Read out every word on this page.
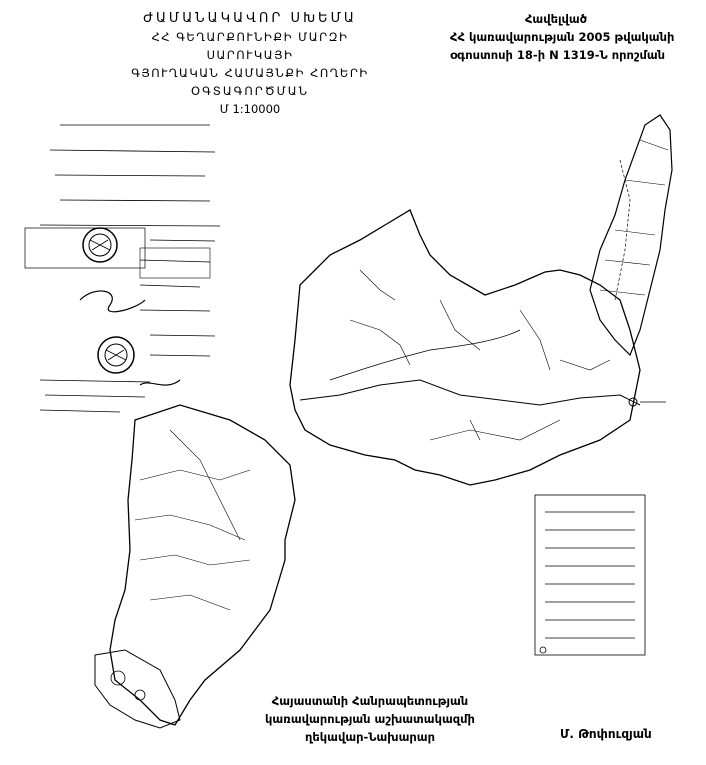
ԺԱՄԱՆԱԿԱՎՈՐ ՍԽԵՄԱ
ՀՀ ԳԵՂԱՐՔՈՒՆԻՔԻ ՄԱՐԶԻ ՍԱՐՈՒԿԱՅԻ
ԳՅՈՒՂԱԿԱՆ ՀԱՄԱՅՆՔԻ ՀՈՂԵՐԻ
ՕԳՏԱԳՈՐԾՄԱՆ
Մ 1:10000
Հավելված
ՀՀ կառավարության 2005 թվականի
օգոստոսի 18-ի N 1319-Ն որոշման
Հայաստանի Հանրապետության
կառավարության աշխատակազմի
ղեկավար-Նախարար	Մ. Թոփուզյան
